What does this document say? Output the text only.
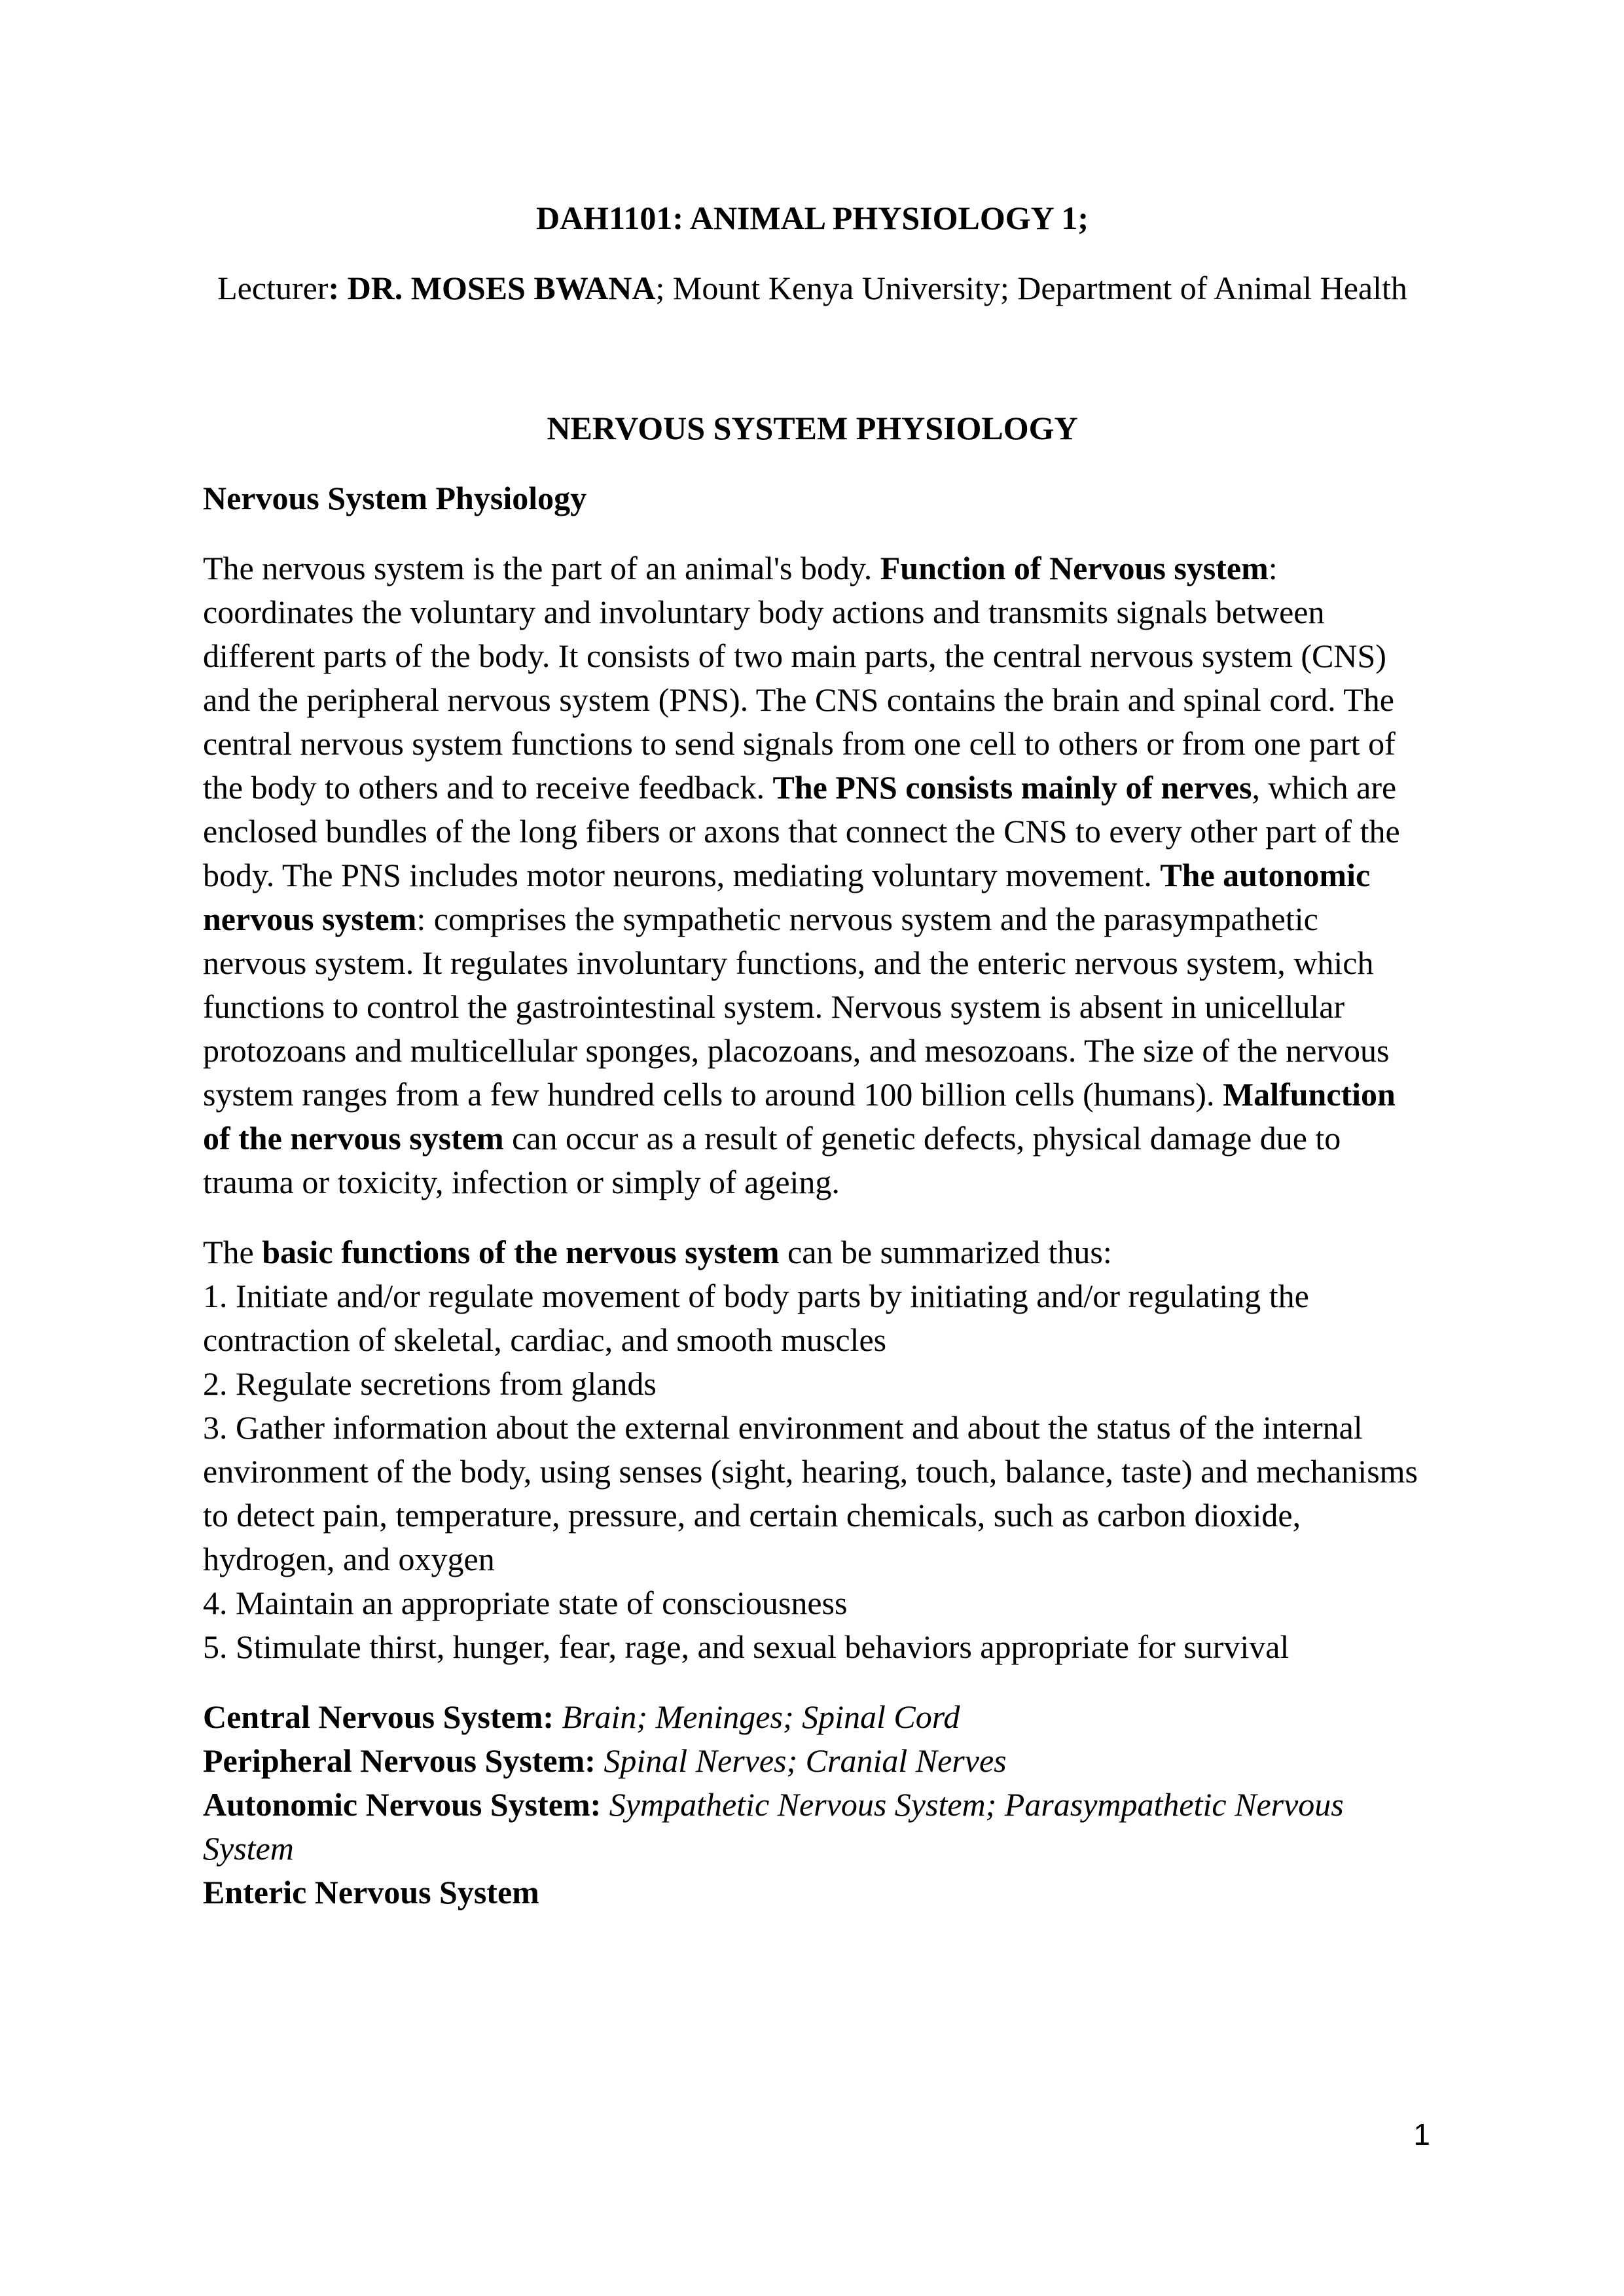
DAH1101: ANIMAL PHYSIOLOGY 1;

Lecturer: DR. MOSES BWANA; Mount Kenya University; Department of Animal Health

NERVOUS SYSTEM PHYSIOLOGY

Nervous System Physiology

The nervous system is the part of an animal's body. Function of Nervous system: coordinates the voluntary and involuntary body actions and transmits signals between different parts of the body. It consists of two main parts, the central nervous system (CNS) and the peripheral nervous system (PNS). The CNS contains the brain and spinal cord. The central nervous system functions to send signals from one cell to others or from one part of the body to others and to receive feedback. The PNS consists mainly of nerves, which are enclosed bundles of the long fibers or axons that connect the CNS to every other part of the body. The PNS includes motor neurons, mediating voluntary movement. The autonomic nervous system: comprises the sympathetic nervous system and the parasympathetic nervous system. It regulates involuntary functions, and the enteric nervous system, which functions to control the gastrointestinal system. Nervous system is absent in unicellular protozoans and multicellular sponges, placozoans, and mesozoans. The size of the nervous system ranges from a few hundred cells to around 100 billion cells (humans). Malfunction of the nervous system can occur as a result of genetic defects, physical damage due to trauma or toxicity, infection or simply of ageing.

The basic functions of the nervous system can be summarized thus:
1. Initiate and/or regulate movement of body parts by initiating and/or regulating the contraction of skeletal, cardiac, and smooth muscles
2. Regulate secretions from glands
3. Gather information about the external environment and about the status of the internal environment of the body, using senses (sight, hearing, touch, balance, taste) and mechanisms to detect pain, temperature, pressure, and certain chemicals, such as carbon dioxide, hydrogen, and oxygen
4. Maintain an appropriate state of consciousness
5. Stimulate thirst, hunger, fear, rage, and sexual behaviors appropriate for survival

Central Nervous System: Brain; Meninges; Spinal Cord
Peripheral Nervous System: Spinal Nerves; Cranial Nerves
Autonomic Nervous System: Sympathetic Nervous System; Parasympathetic Nervous System
Enteric Nervous System

1
